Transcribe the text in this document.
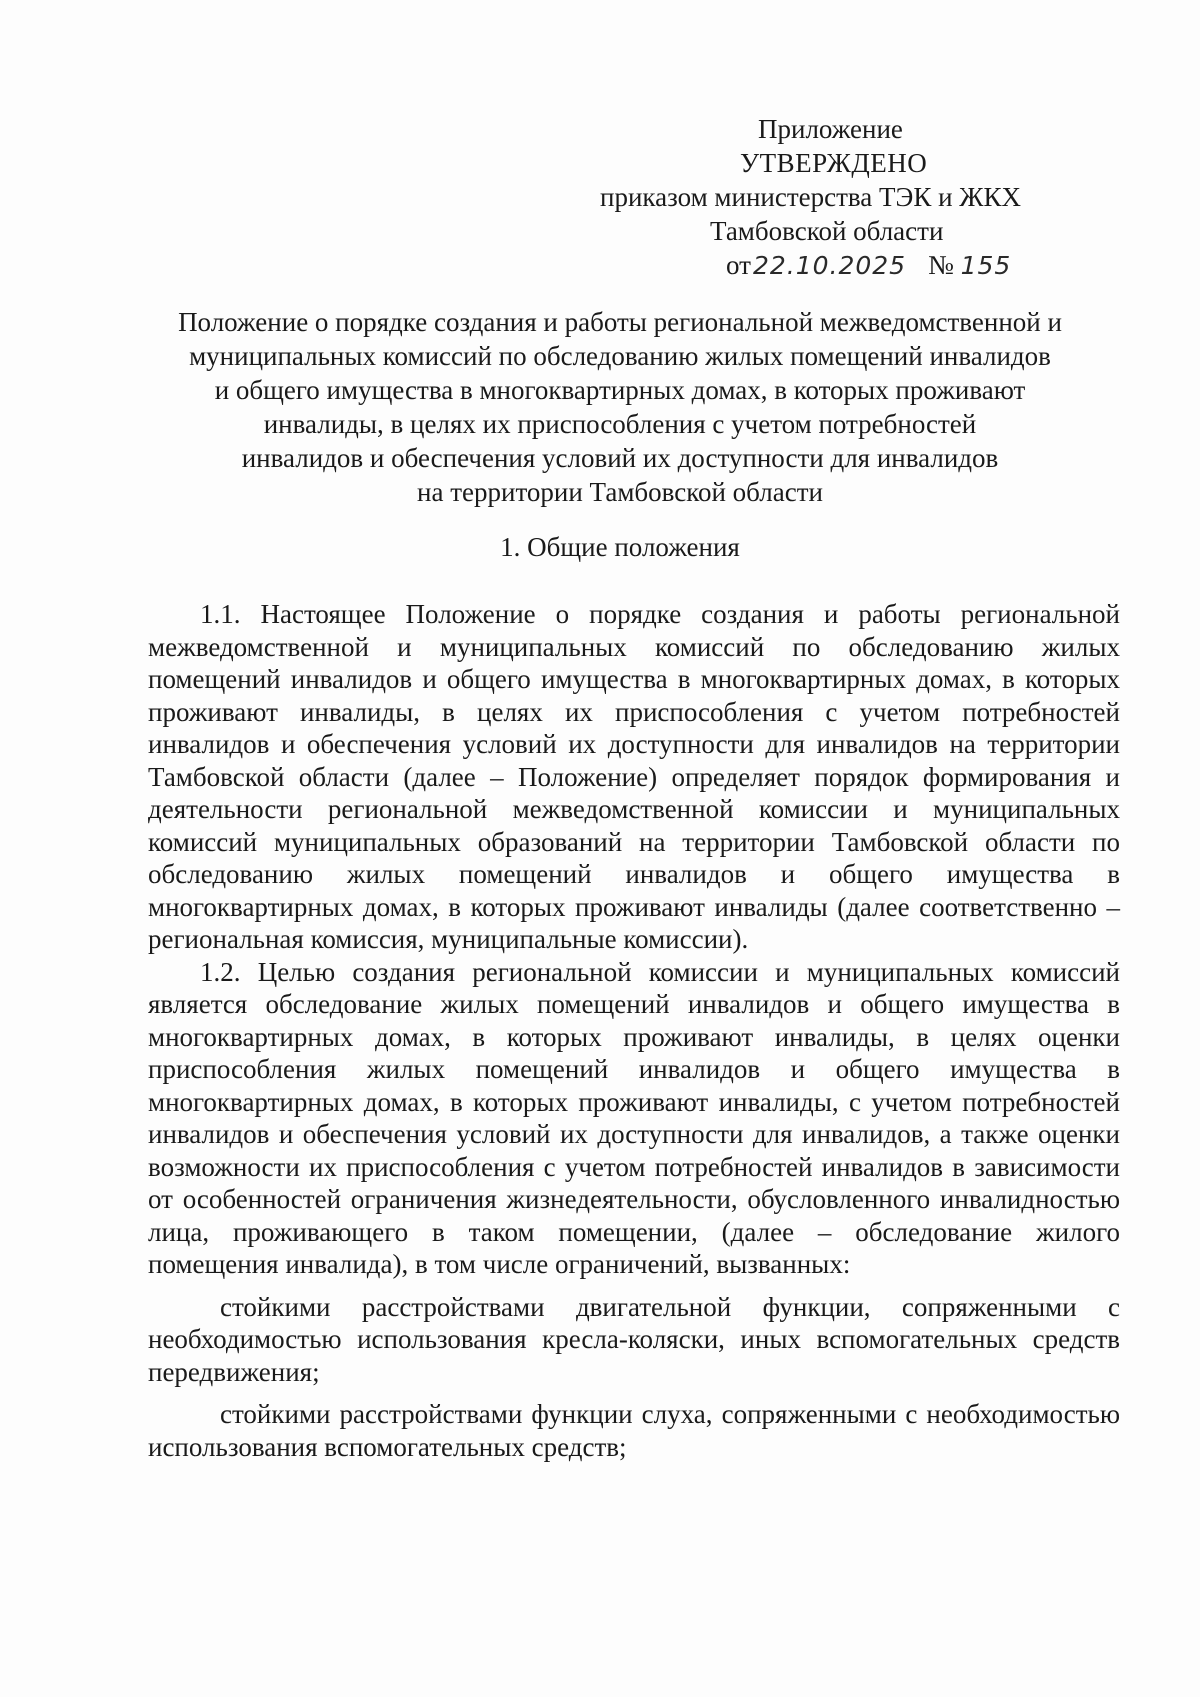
Приложение
УТВЕРЖДЕНО
приказом министерства ТЭК и ЖКХ
Тамбовской области
от22.10.2025 № 155
Положение о порядке создания и работы региональной межведомственной и
муниципальных комиссий по обследованию жилых помещений инвалидов
и общего имущества в многоквартирных домах, в которых проживают
инвалиды, в целях их приспособления с учетом потребностей
инвалидов и обеспечения условий их доступности для инвалидов
на территории Тамбовской области
1. Общие положения

1.1. Настоящее Положение о порядке создания и работы региональной межведомственной и муниципальных комиссий по обследованию жилых помещений инвалидов и общего имущества в многоквартирных домах, в которых проживают инвалиды, в целях их приспособления с учетом потребностей инвалидов и обеспечения условий их доступности для инвалидов на территории Тамбовской области (далее – Положение) определяет порядок формирования и деятельности региональной межведомственной комиссии и муниципальных комиссий муниципальных образований на территории Тамбовской области по обследованию жилых помещений инвалидов и общего имущества в многоквартирных домах, в которых проживают инвалиды (далее соответственно – региональная комиссия, муниципальные комиссии).

1.2. Целью создания региональной комиссии и муниципальных комиссий является обследование жилых помещений инвалидов и общего имущества в многоквартирных домах, в которых проживают инвалиды, в целях оценки приспособления жилых помещений инвалидов и общего имущества в многоквартирных домах, в которых проживают инвалиды, с учетом потребностей инвалидов и обеспечения условий их доступности для инвалидов, а также оценки возможности их приспособления с учетом потребностей инвалидов в зависимости от особенностей ограничения жизнедеятельности, обусловленного инвалидностью лица, проживающего в таком помещении, (далее – обследование жилого помещения инвалида), в том числе ограничений, вызванных:

стойкими расстройствами двигательной функции, сопряженными с необходимостью использования кресла-коляски, иных вспомогательных средств передвижения;

стойкими расстройствами функции слуха, сопряженными с необходимостью использования вспомогательных средств;
